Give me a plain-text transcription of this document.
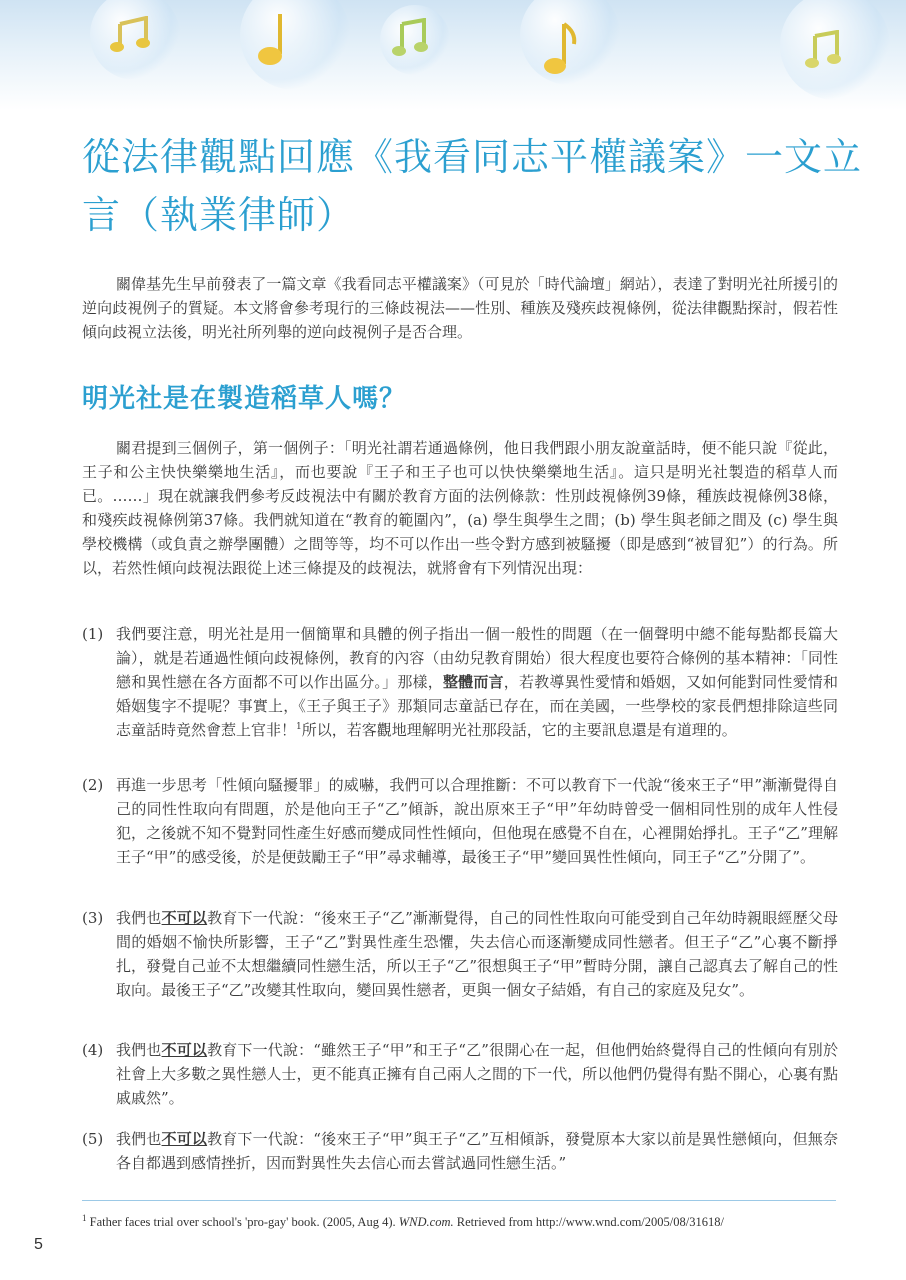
從法律觀點回應《我看同志平權議案》一文立言（執業律師）

關偉基先生早前發表了一篇文章《我看同志平權議案》（可見於「時代論壇」網站），表達了對明光社所援引的逆向歧視例子的質疑。本文將會參考現行的三條歧視法——性別、種族及殘疾歧視條例，從法律觀點探討，假若性傾向歧視立法後，明光社所列舉的逆向歧視例子是否合理。

明光社是在製造稻草人嗎？

關君提到三個例子，第一個例子：「明光社謂若通過條例，他日我們跟小朋友說童話時，便不能只說『從此，王子和公主快快樂樂地生活』，而也要說『王子和王子也可以快快樂樂地生活』。這只是明光社製造的稻草人而已。……」現在就讓我們參考反歧視法中有關於教育方面的法例條款：性別歧視條例39條，種族歧視條例38條，和殘疾歧視條例第37條。我們就知道在“教育的範圍內”，(a) 學生與學生之間；(b) 學生與老師之間及 (c) 學生與學校機構（或負責之辦學團體）之間等等，均不可以作出一些令對方感到被騷擾（即是感到“被冒犯”）的行為。所以，若然性傾向歧視法跟從上述三條提及的歧視法，就將會有下列情況出現：

(1) 我們要注意，明光社是用一個簡單和具體的例子指出一個一般性的問題（在一個聲明中總不能每點都長篇大論），就是若通過性傾向歧視條例，教育的內容（由幼兒教育開始）很大程度也要符合條例的基本精神：「同性戀和異性戀在各方面都不可以作出區分。」那樣，整體而言，若教導異性愛情和婚姻，又如何能對同性愛情和婚姻隻字不提呢？事實上，《王子與王子》那類同志童話已存在，而在美國，一些學校的家長們想排除這些同志童話時竟然會惹上官非！$^1$所以，若客觀地理解明光社那段話，它的主要訊息還是有道理的。
(2) 再進一步思考「性傾向騷擾罪」的威嚇，我們可以合理推斷：不可以教育下一代說“後來王子“甲”漸漸覺得自己的同性性取向有問題，於是他向王子“乙”傾訴，說出原來王子“甲”年幼時曾受一個相同性別的成年人性侵犯，之後就不知不覺對同性產生好感而變成同性性傾向，但他現在感覺不自在，心裡開始掙扎。王子“乙”理解王子“甲”的感受後，於是便鼓勵王子“甲”尋求輔導，最後王子“甲”變回異性性傾向，同王子“乙”分開了”。
(3) 我們也不可以教育下一代說：“後來王子“乙”漸漸覺得，自己的同性性取向可能受到自己年幼時親眼經歷父母間的婚姻不愉快所影響，王子“乙”對異性產生恐懼，失去信心而逐漸變成同性戀者。但王子“乙”心裏不斷掙扎，發覺自己並不太想繼續同性戀生活，所以王子“乙”很想與王子“甲”暫時分開，讓自己認真去了解自己的性取向。最後王子“乙”改變其性取向，變回異性戀者，更與一個女子結婚，有自己的家庭及兒女”。
(4) 我們也不可以教育下一代說：“雖然王子“甲”和王子“乙”很開心在一起，但他們始終覺得自己的性傾向有別於社會上大多數之異性戀人士，更不能真正擁有自己兩人之間的下一代，所以他們仍覺得有點不開心，心裏有點戚戚然”。
(5) 我們也不可以教育下一代說：“後來王子“甲”與王子“乙”互相傾訴，發覺原本大家以前是異性戀傾向，但無奈各自都遇到感情挫折，因而對異性失去信心而去嘗試過同性戀生活。”
$^1$ Father faces trial over school's 'pro-gay' book. (2005, Aug 4). WND.com. Retrieved from http://www.wnd.com/2005/08/31618/
5
